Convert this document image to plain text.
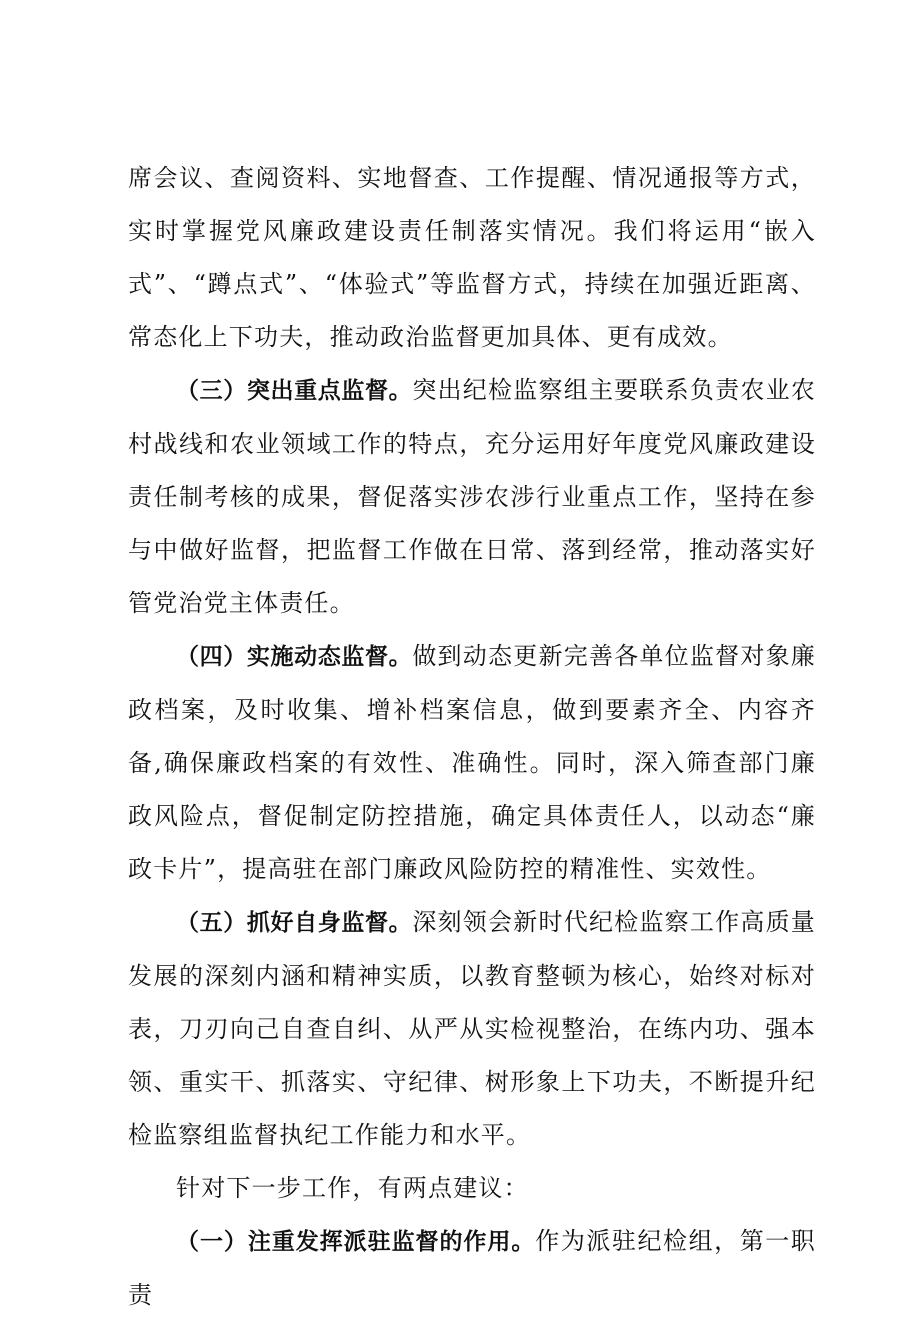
席会议、查阅资料、实地督查、工作提醒、情况通报等方式，实时掌握党风廉政建设责任制落实情况。我们将运用“嵌入式”、“蹲点式”、“体验式”等监督方式，持续在加强近距离、常态化上下功夫，推动政治监督更加具体、更有成效。

（三）突出重点监督。突出纪检监察组主要联系负责农业农村战线和农业领域工作的特点，充分运用好年度党风廉政建设责任制考核的成果，督促落实涉农涉行业重点工作，坚持在参与中做好监督，把监督工作做在日常、落到经常，推动落实好管党治党主体责任。

（四）实施动态监督。做到动态更新完善各单位监督对象廉政档案，及时收集、增补档案信息，做到要素齐全、内容齐备,确保廉政档案的有效性、准确性。同时，深入筛查部门廉政风险点，督促制定防控措施，确定具体责任人，以动态“廉政卡片”，提高驻在部门廉政风险防控的精准性、实效性。

（五）抓好自身监督。深刻领会新时代纪检监察工作高质量发展的深刻内涵和精神实质，以教育整顿为核心，始终对标对表，刀刃向己自查自纠、从严从实检视整治，在练内功、强本领、重实干、抓落实、守纪律、树形象上下功夫，不断提升纪检监察组监督执纪工作能力和水平。

针对下一步工作，有两点建议：

（一）注重发挥派驻监督的作用。作为派驻纪检组，第一职责
